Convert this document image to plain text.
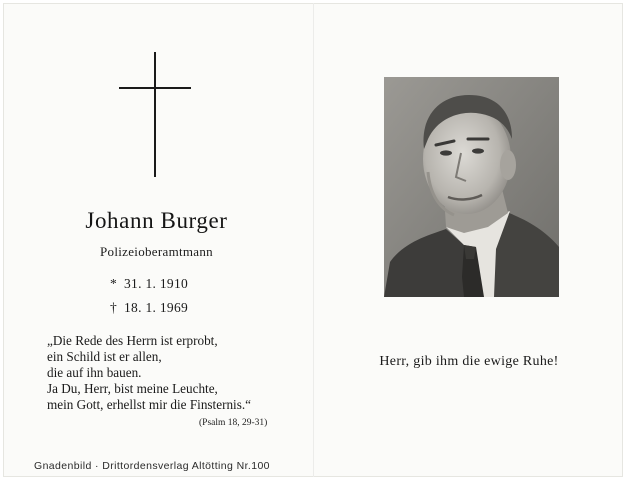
Johann Burger
Polizeioberamtmann
* 31. 1. 1910
† 18. 1. 1969
„Die Rede des Herrn ist erprobt,
ein Schild ist er allen,
die auf ihn bauen.
Ja Du, Herr, bist meine Leuchte,
mein Gott, erhellst mir die Finsternis.“
(Psalm 18, 29-31)
Gnadenbild · Drittordensverlag Altötting Nr.100
Herr, gib ihm die ewige Ruhe!
